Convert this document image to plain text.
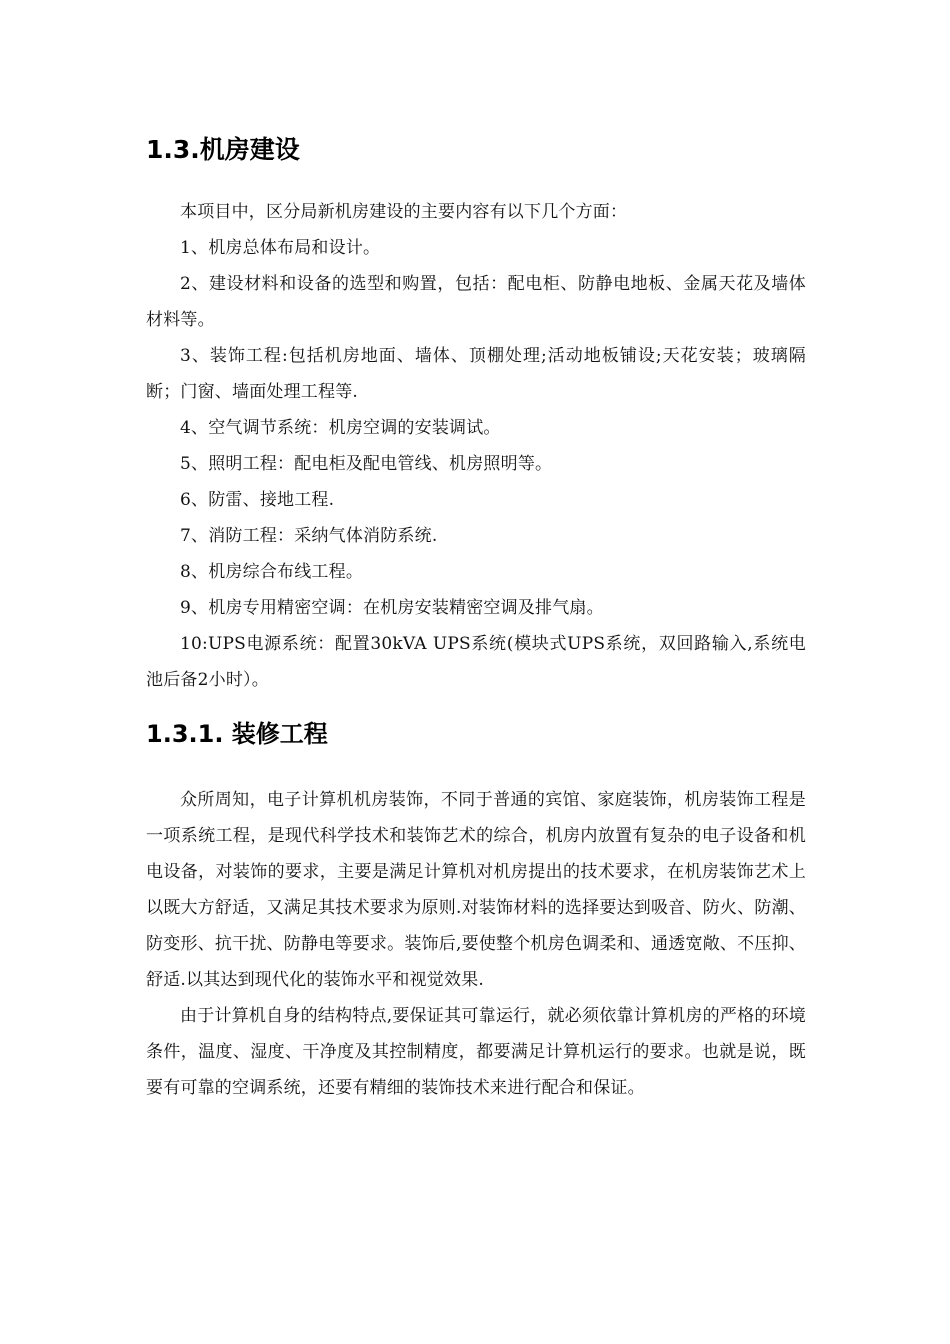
1.3.机房建设

本项目中，区分局新机房建设的主要内容有以下几个方面：

1、机房总体布局和设计。

2、建设材料和设备的选型和购置，包括：配电柜、防静电地板、金属天花及墙体材料等。

3、装饰工程:包括机房地面、墙体、顶棚处理;活动地板铺设;天花安装；玻璃隔断；门窗、墙面处理工程等.

4、空气调节系统：机房空调的安装调试。

5、照明工程：配电柜及配电管线、机房照明等。

6、防雷、接地工程.

7、消防工程：采纳气体消防系统.

8、机房综合布线工程。

9、机房专用精密空调：在机房安装精密空调及排气扇。

10:UPS电源系统：配置30kVA UPS系统(模块式UPS系统，双回路输入,系统电池后备2小时）。

1.3.1. 装修工程

众所周知，电子计算机机房装饰，不同于普通的宾馆、家庭装饰，机房装饰工程是一项系统工程，是现代科学技术和装饰艺术的综合，机房内放置有复杂的电子设备和机电设备，对装饰的要求，主要是满足计算机对机房提出的技术要求，在机房装饰艺术上以既大方舒适，又满足其技术要求为原则.对装饰材料的选择要达到吸音、防火、防潮、防变形、抗干扰、防静电等要求。装饰后,要使整个机房色调柔和、通透宽敞、不压抑、舒适.以其达到现代化的装饰水平和视觉效果.

由于计算机自身的结构特点,要保证其可靠运行，就必须依靠计算机房的严格的环境条件，温度、湿度、干净度及其控制精度，都要满足计算机运行的要求。也就是说，既要有可靠的空调系统，还要有精细的装饰技术来进行配合和保证。
